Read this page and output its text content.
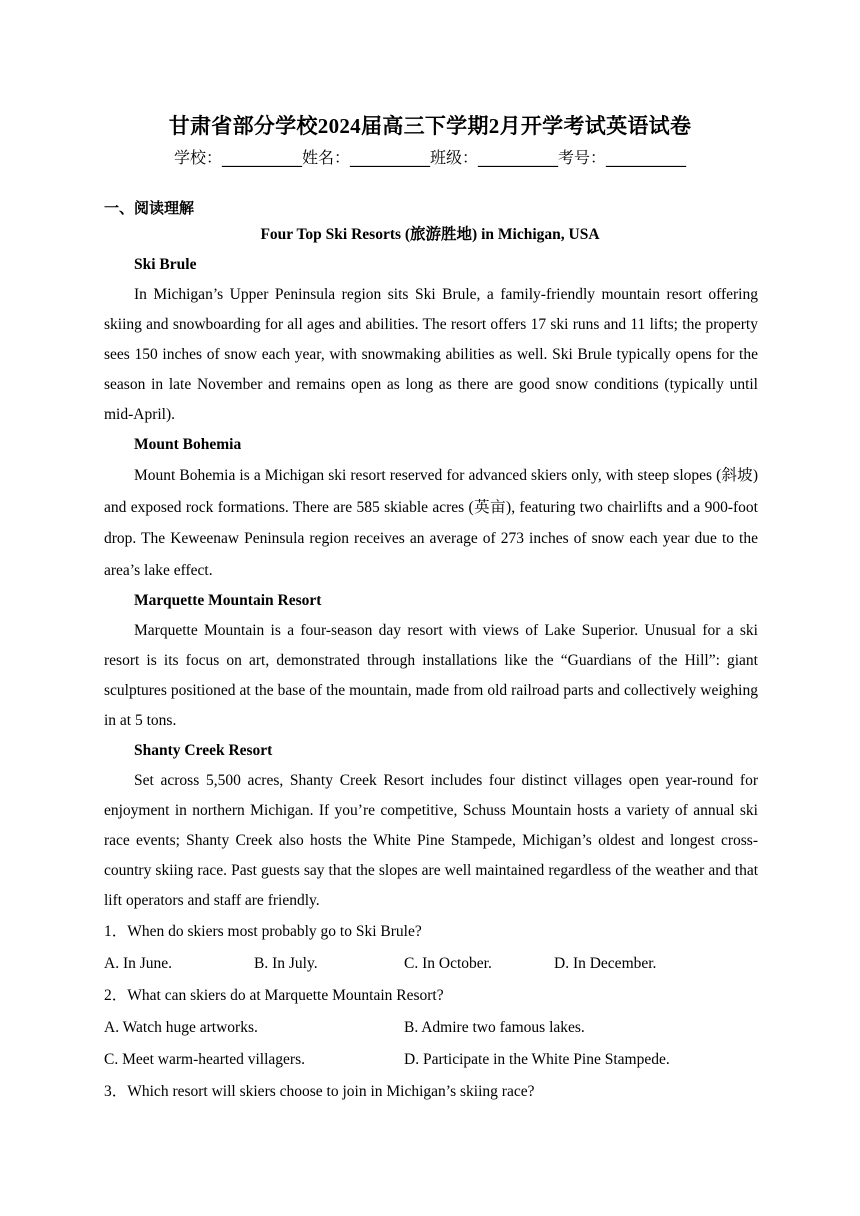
甘肃省部分学校2024届高三下学期2月开学考试英语试卷
学校：__________姓名：__________班级：__________考号：__________
一、阅读理解
Four Top Ski Resorts (旅游胜地) in Michigan, USA

Ski Brule

In Michigan’s Upper Peninsula region sits Ski Brule, a family-friendly mountain resort offering skiing and snowboarding for all ages and abilities. The resort offers 17 ski runs and 11 lifts; the property sees 150 inches of snow each year, with snowmaking abilities as well. Ski Brule typically opens for the season in late November and remains open as long as there are good snow conditions (typically until mid-April).

Mount Bohemia

Mount Bohemia is a Michigan ski resort reserved for advanced skiers only, with steep slopes (斜坡) and exposed rock formations. There are 585 skiable acres (英亩), featuring two chairlifts and a 900-foot drop. The Keweenaw Peninsula region receives an average of 273 inches of snow each year due to the area’s lake effect.

Marquette Mountain Resort

Marquette Mountain is a four-season day resort with views of Lake Superior. Unusual for a ski resort is its focus on art, demonstrated through installations like the “Guardians of the Hill”: giant sculptures positioned at the base of the mountain, made from old railroad parts and collectively weighing in at 5 tons.

Shanty Creek Resort

Set across 5,500 acres, Shanty Creek Resort includes four distinct villages open year-round for enjoyment in northern Michigan. If you’re competitive, Schuss Mountain hosts a variety of annual ski race events; Shanty Creek also hosts the White Pine Stampede, Michigan’s oldest and longest cross-country skiing race. Past guests say that the slopes are well maintained regardless of the weather and that lift operators and staff are friendly.

1．When do skiers most probably go to Ski Brule?

A. In June.	B. In July.	C. In October.	D. In December.

2．What can skiers do at Marquette Mountain Resort?

A. Watch huge artworks.	B. Admire two famous lakes.
C. Meet warm-hearted villagers.	D. Participate in the White Pine Stampede.

3．Which resort will skiers choose to join in Michigan’s skiing race?
